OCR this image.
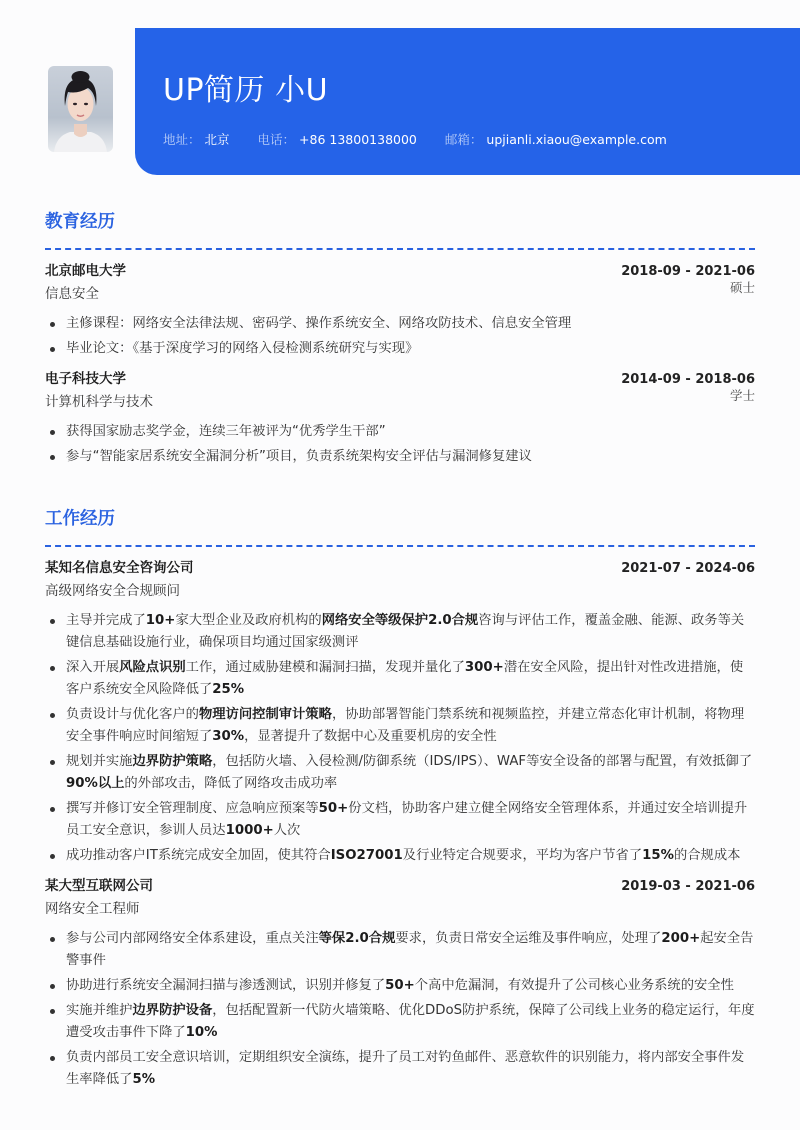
UP简历 小U
地址： 北京 电话： +86 13800138000 邮箱： upjianli.xiaou@example.com
教育经历
北京邮电大学	2018-09 - 2021-06
信息安全	硕士
主修课程：网络安全法律法规、密码学、操作系统安全、网络攻防技术、信息安全管理
毕业论文：《基于深度学习的网络入侵检测系统研究与实现》
电子科技大学	2014-09 - 2018-06
计算机科学与技术	学士
获得国家励志奖学金，连续三年被评为“优秀学生干部”
参与“智能家居系统安全漏洞分析”项目，负责系统架构安全评估与漏洞修复建议
工作经历
某知名信息安全咨询公司	2021-07 - 2024-06
高级网络安全合规顾问
主导并完成了10+家大型企业及政府机构的网络安全等级保护2.0合规咨询与评估工作，覆盖金融、能源、政务等关键信息基础设施行业，确保项目均通过国家级测评
深入开展风险点识别工作，通过威胁建模和漏洞扫描，发现并量化了300+潜在安全风险，提出针对性改进措施，使客户系统安全风险降低了25%
负责设计与优化客户的物理访问控制审计策略，协助部署智能门禁系统和视频监控，并建立常态化审计机制，将物理安全事件响应时间缩短了30%，显著提升了数据中心及重要机房的安全性
规划并实施边界防护策略，包括防火墙、入侵检测/防御系统（IDS/IPS）、WAF等安全设备的部署与配置，有效抵御了90%以上的外部攻击，降低了网络攻击成功率
撰写并修订安全管理制度、应急响应预案等50+份文档，协助客户建立健全网络安全管理体系，并通过安全培训提升员工安全意识，参训人员达1000+人次
成功推动客户IT系统完成安全加固，使其符合ISO27001及行业特定合规要求，平均为客户节省了15%的合规成本
某大型互联网公司	2019-03 - 2021-06
网络安全工程师
参与公司内部网络安全体系建设，重点关注等保2.0合规要求，负责日常安全运维及事件响应，处理了200+起安全告警事件
协助进行系统安全漏洞扫描与渗透测试，识别并修复了50+个高中危漏洞，有效提升了公司核心业务系统的安全性
实施并维护边界防护设备，包括配置新一代防火墙策略、优化DDoS防护系统，保障了公司线上业务的稳定运行，年度遭受攻击事件下降了10%
负责内部员工安全意识培训，定期组织安全演练，提升了员工对钓鱼邮件、恶意软件的识别能力，将内部安全事件发生率降低了5%
